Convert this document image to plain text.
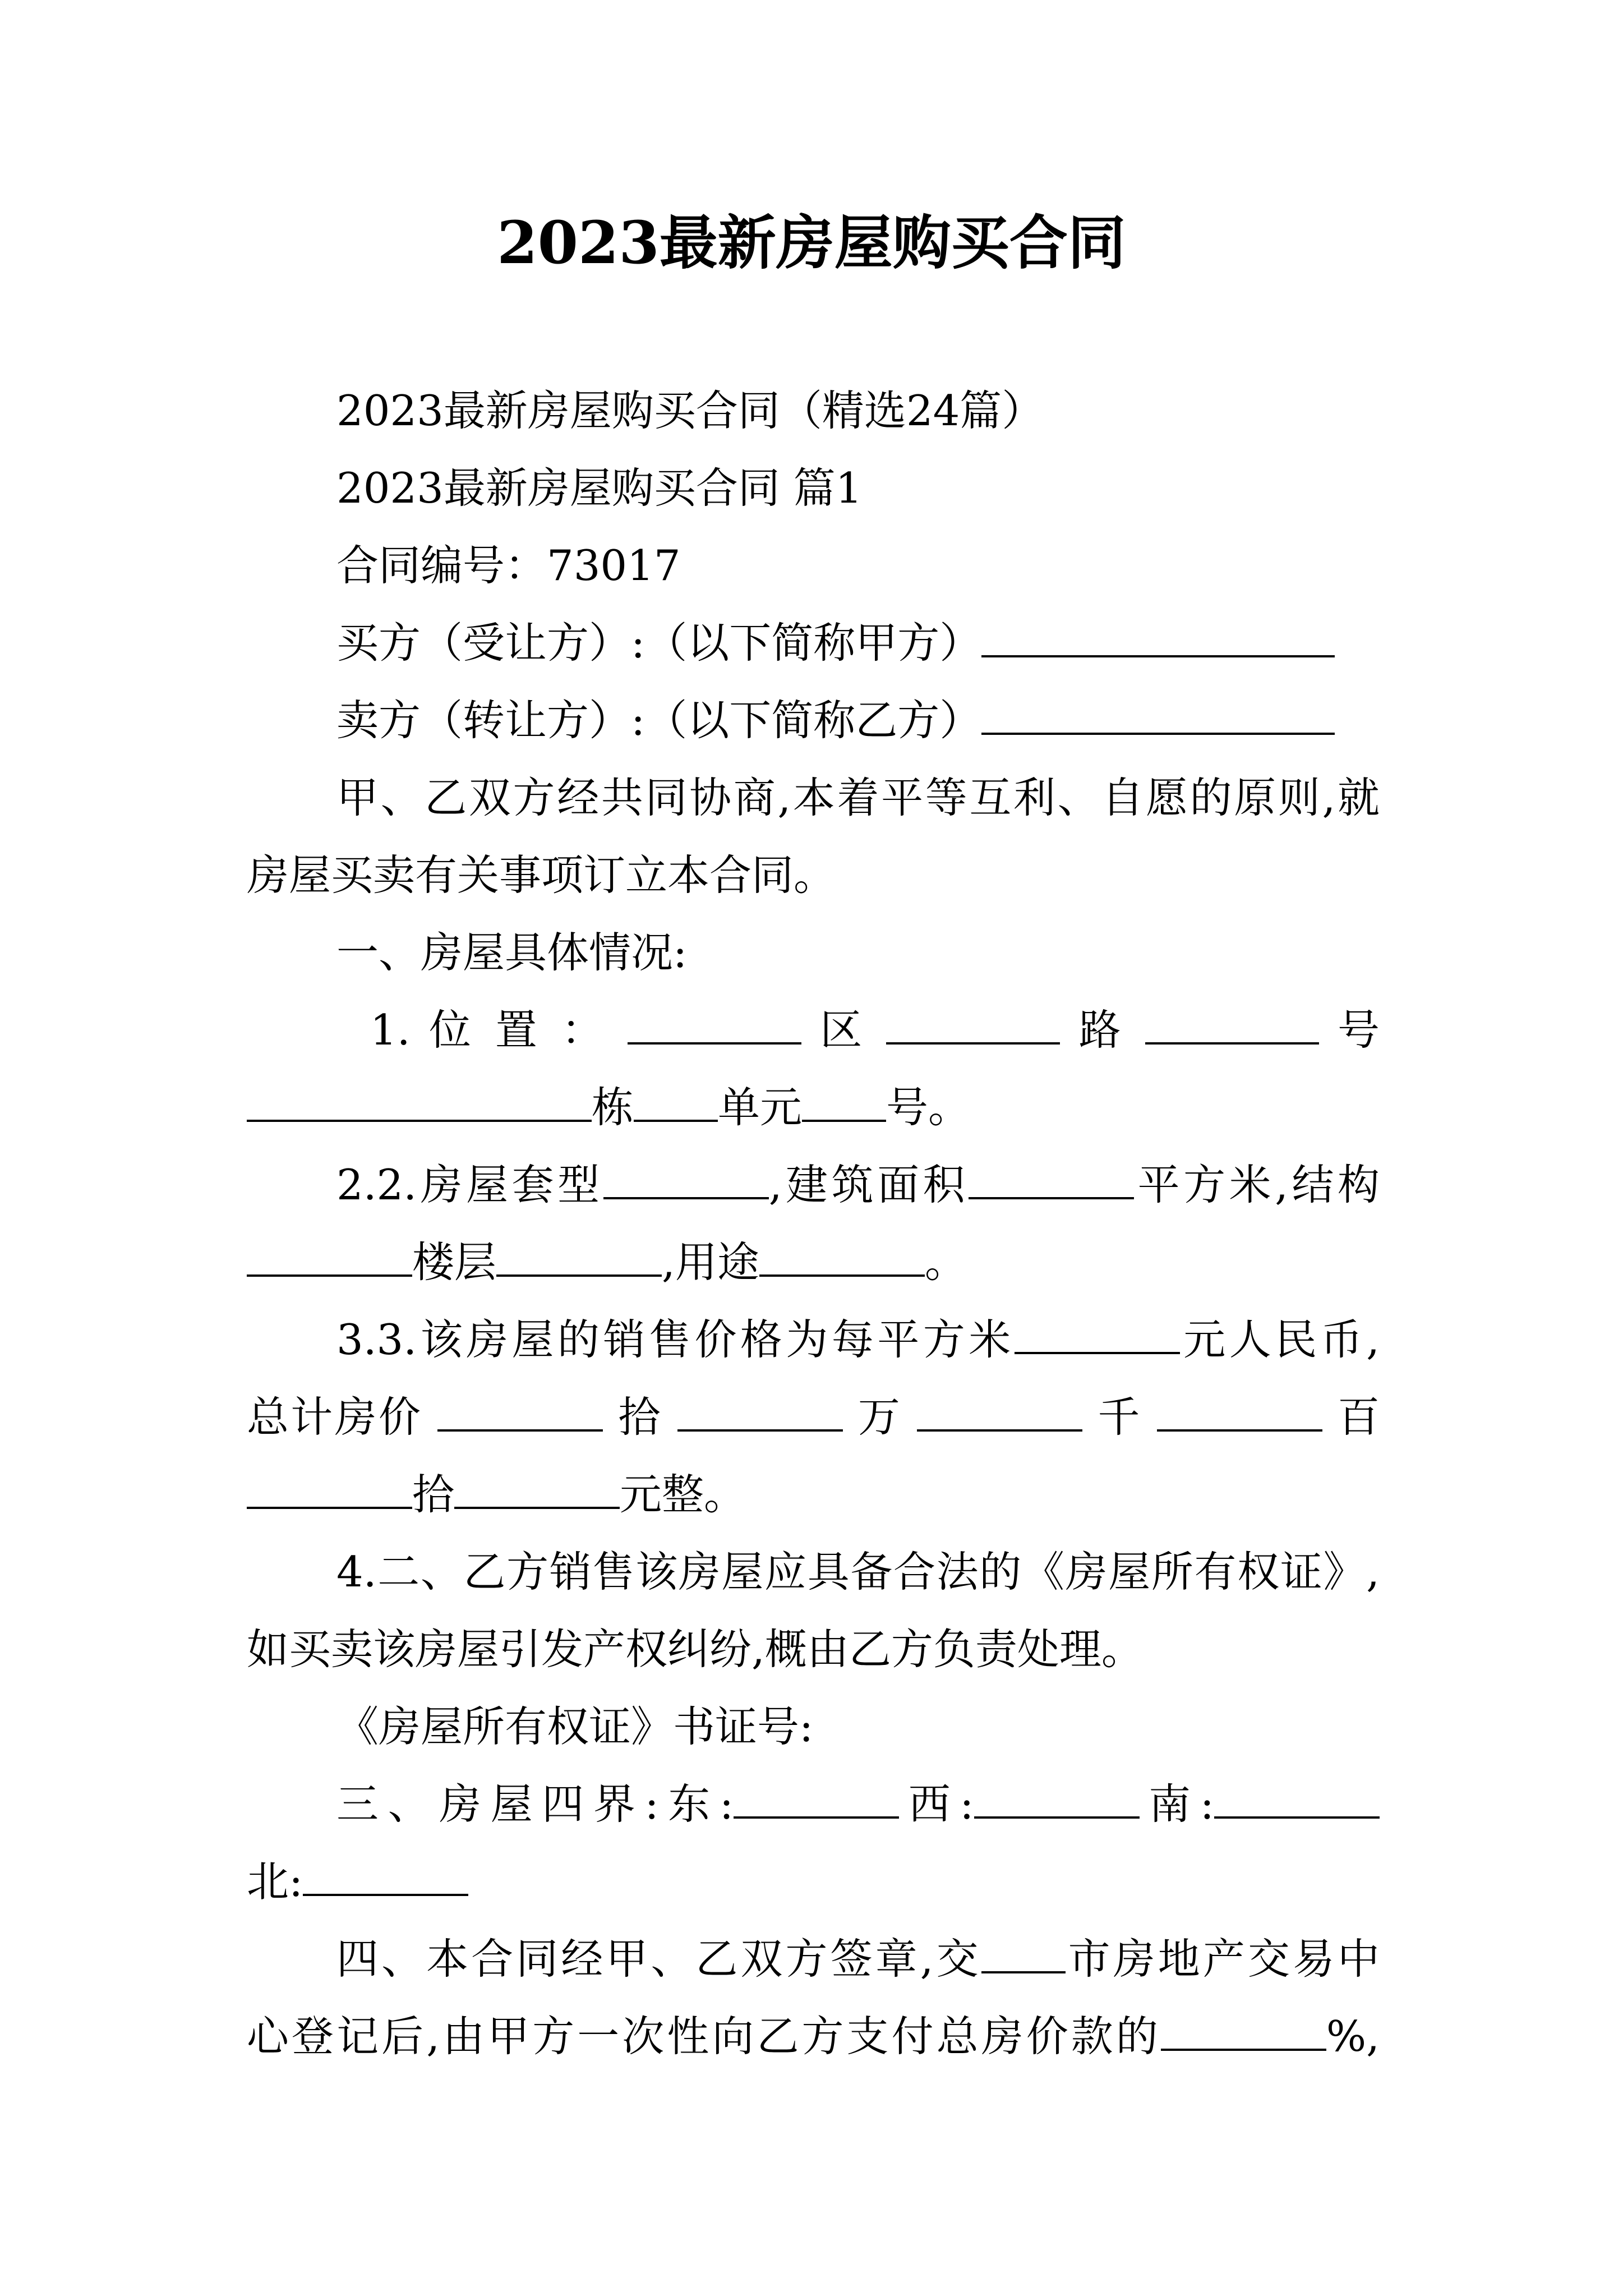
2023最新房屋购买合同
2023最新房屋购买合同（精选24篇）
2023最新房屋购买合同 篇1
合同编号：73017
买方（受让方）:（以下简称甲方）
卖方（转让方）:（以下简称乙方）
甲、乙双方经共同协商,本着平等互利、自愿的原则,就
房屋买卖有关事项订立本合同。
一、房屋具体情况:
1. 位 置 ：	区	路	号
栋 单元 号。
2.2.房屋套型	,建筑面积	平方米,结构
楼层	,用途	。
3.3.该房屋的销售价格为每平方米	元人民币,
总计房价	拾	万	千	百
拾	元整。
4.二、乙方销售该房屋应具备合法的《房屋所有权证》,
如买卖该房屋引发产权纠纷,概由乙方负责处理。
《房屋所有权证》书证号:
三、房屋四界:东:	西:	南:
北:
四、本合同经甲、乙双方签章,交 市房地产交易中
心登记后,由甲方一次性向乙方支付总房价款的	%,
